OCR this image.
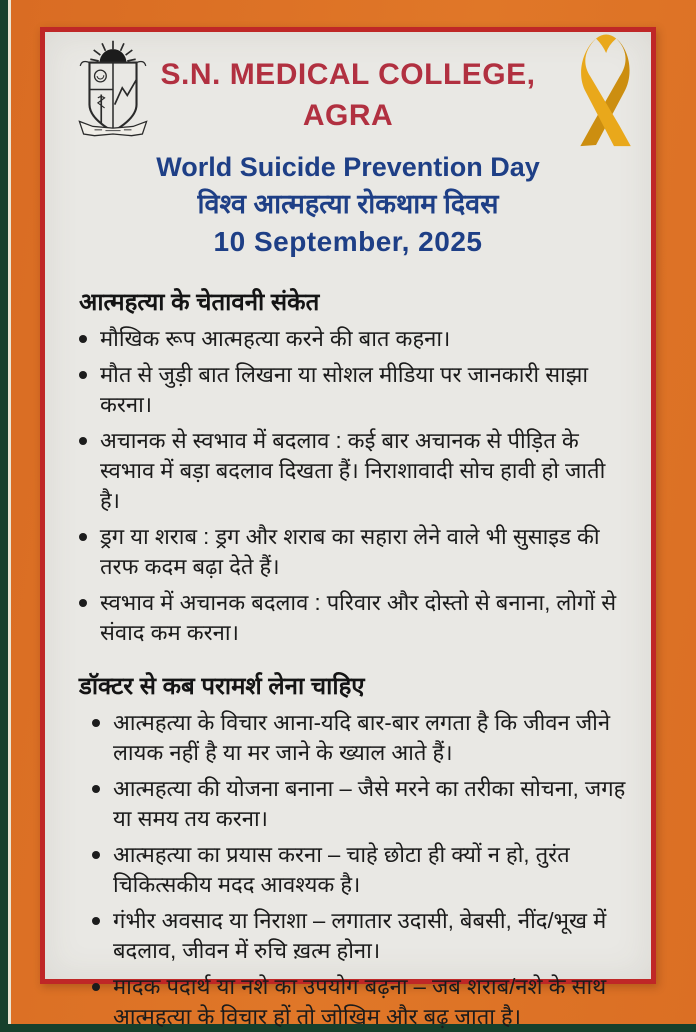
S.N. MEDICAL COLLEGE,
AGRA
World Suicide Prevention Day
विश्व आत्महत्या रोकथाम दिवस
10 September, 2025
आत्महत्या के चेतावनी संकेत
मौखिक रूप आत्महत्या करने की बात कहना।
मौत से जुड़ी बात लिखना या सोशल मीडिया पर जानकारी साझा करना।
अचानक से स्वभाव में बदलाव : कई बार अचानक से पीड़ित के स्वभाव में बड़ा बदलाव दिखता हैं। निराशावादी सोच हावी हो जाती है।
ड्रग या शराब : ड्रग और शराब का सहारा लेने वाले भी सुसाइड की तरफ कदम बढ़ा देते हैं।
स्वभाव में अचानक बदलाव : परिवार और दोस्तो से बनाना, लोगों से संवाद कम करना।
डॉक्टर से कब परामर्श लेना चाहिए
आत्महत्या के विचार आना-यदि बार-बार लगता है कि जीवन जीने लायक नहीं है या मर जाने के ख्याल आते हैं।
आत्महत्या की योजना बनाना – जैसे मरने का तरीका सोचना, जगह या समय तय करना।
आत्महत्या का प्रयास करना – चाहे छोटा ही क्यों न हो, तुरंत चिकित्सकीय मदद आवश्यक है।
गंभीर अवसाद या निराशा – लगातार उदासी, बेबसी, नींद/भूख में बदलाव, जीवन में रुचि ख़त्म होना।
मादक पदार्थ या नशे का उपयोग बढ़ना – जब शराब/नशे के साथ आत्महत्या के विचार हों तो जोखिम और बढ़ जाता है।
